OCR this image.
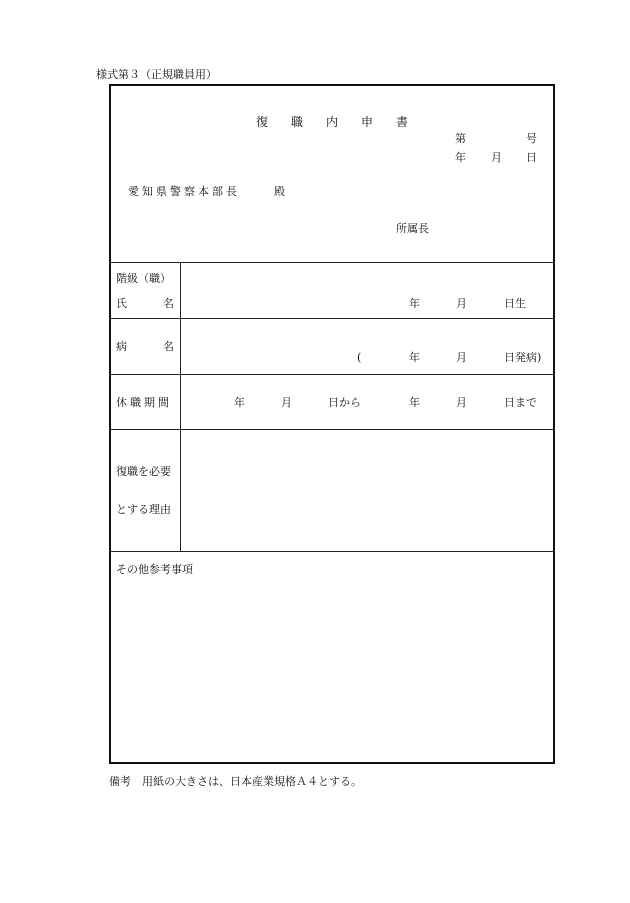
様式第３（正規職員用）
復 職 内 申 書
第	号
年 月 日
愛知県警察本部長	殿
所属長
階級（職）
氏	名	年	月	日生
病	名
(	年	月	日発病)
休職期間	年	月	日から	年	月	日まで
復職を必要
とする理由
その他参考事項
備考　用紙の大きさは、日本産業規格Ａ４とする。
